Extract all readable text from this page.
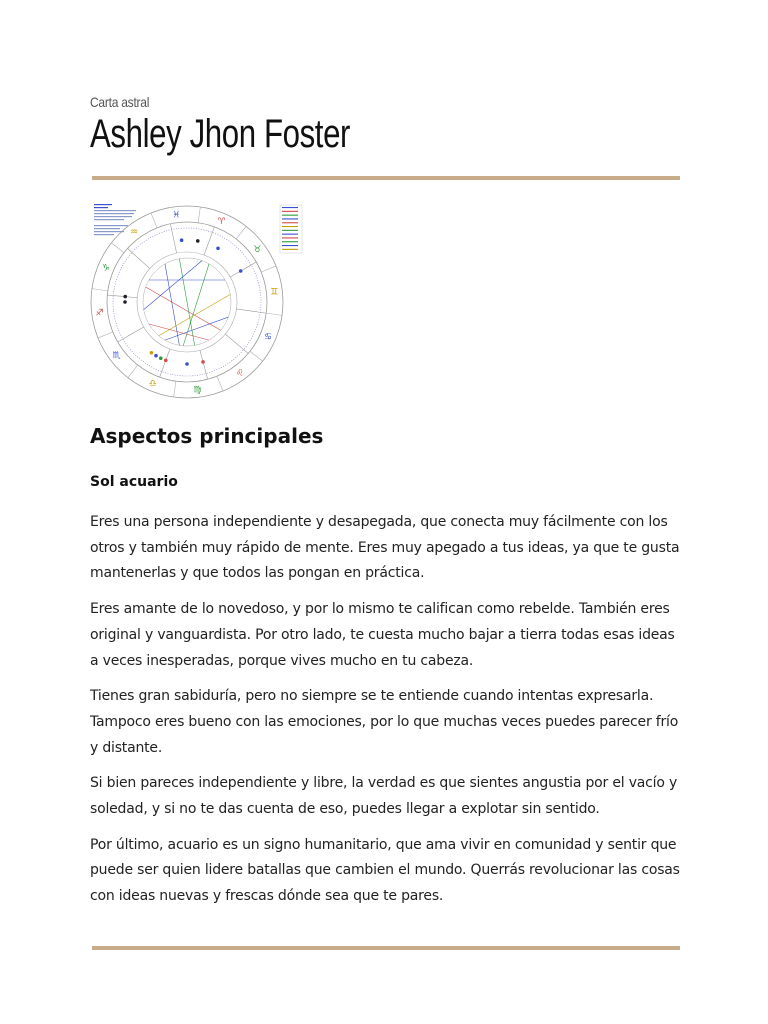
Carta astral
Ashley Jhon Foster
♈
♉
♊
♋
♌
♍
♎
♏
♐
♑
♒
♓
Aspectos principales
Sol acuario

Eres una persona independiente y desapegada, que conecta muy fácilmente con los otros y también muy rápido de mente. Eres muy apegado a tus ideas, ya que te gusta mantenerlas y que todos las pongan en práctica.

Eres amante de lo novedoso, y por lo mismo te califican como rebelde. También eres original y vanguardista. Por otro lado, te cuesta mucho bajar a tierra todas esas ideas a veces inesperadas, porque vives mucho en tu cabeza.

Tienes gran sabiduría, pero no siempre se te entiende cuando intentas expresarla. Tampoco eres bueno con las emociones, por lo que muchas veces puedes parecer frío y distante.

Si bien pareces independiente y libre, la verdad es que sientes angustia por el vacío y soledad, y si no te das cuenta de eso, puedes llegar a explotar sin sentido.

Por último, acuario es un signo humanitario, que ama vivir en comunidad y sentir que puede ser quien lidere batallas que cambien el mundo. Querrás revolucionar las cosas con ideas nuevas y frescas dónde sea que te pares.
